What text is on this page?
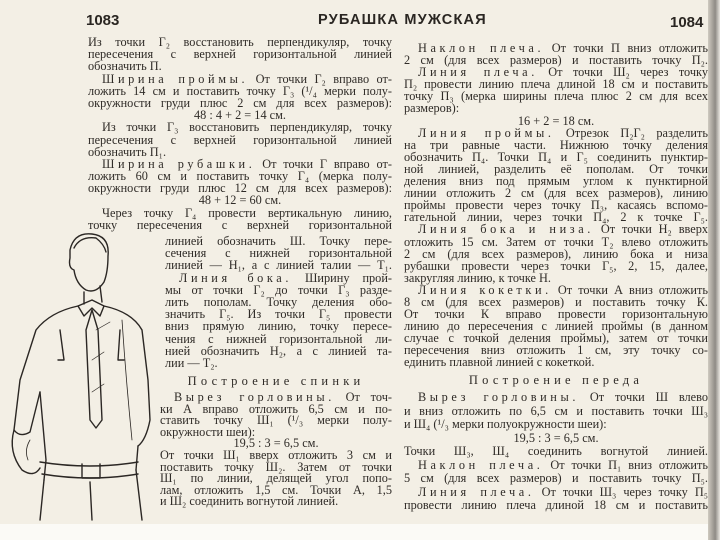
1083	РУБАШКА МУЖСКАЯ	1084
Из точки Г₂ восстановить перпендикуляр, точку
пересечения с верхней горизонтальной линией
обозначить П.
Ширина проймы. От точки Г₂ вправо от-
ложить 14 см и поставить точку Г₃ (¹/₄ мерки полу-
окружности груди плюс 2 см для всех размеров):
48 : 4 + 2 = 14 см.
Из точки Г₃ восстановить перпендикуляр, точку
пересечения с верхней горизонтальной линией
обозначить П₁.
Ширина рубашки. От точки Г вправо от-
ложить 60 см и поставить точку Г₄ (мерка полу-
окружности груди плюс 12 см для всех размеров):
48 + 12 = 60 см.
Через точку Г₄ провести вертикальную линию,
точку пересечения с верхней горизонтальной
линией обозначить Ш. Точку пере-
сечения с нижней горизонтальной
линией — Н₁, а с линией талии — Т₁.
Линия бока. Ширину прой-
мы от точки Г₂ до точки Г₃ разде-
лить пополам. Точку деления обо-
значить Г₅. Из точки Г₅ провести
вниз прямую линию, точку пересе-
чения с нижней горизонтальной ли-
нией обозначить Н₂, а с линией та-
лии — Т₂.
Построение спинки
Вырез горловины. От точ-
ки А вправо отложить 6,5 см и по-
ставить точку Ш₁ (¹/₃ мерки полу-
окружности шеи):
19,5 : 3 = 6,5 см.
От точки Ш₁ вверх отложить 3 см и
поставить точку Ш₂. Затем от точки
Ш₁ по линии, делящей угол попо-
лам, отложить 1,5 см. Точки А, 1,5
и Ш₂ соединить вогнутой линией.
Наклон плеча. От точки П вниз отложить
2 см (для всех размеров) и поставить точку П₂.
Линия плеча. От точки Ш₂ через точку
П₂ провести линию плеча длиной 18 см и поставить
точку П₃ (мерка ширины плеча плюс 2 см для всех
размеров):
16 + 2 = 18 см.
Линия проймы. Отрезок П₂Г₂ разделить
на три равные части. Нижнюю точку деления
обозначить П₄. Точки П₄ и Г₅ соединить пунктир-
ной линией, разделить её пополам. От точки
деления вниз под прямым углом к пунктирной
линии отложить 2 см (для всех размеров), линию
проймы провести через точку П₃, касаясь вспомо-
гательной линии, через точки П₄, 2 к точке Г₅.
Линия бока и низа. От точки Н₂ вверх
отложить 15 см. Затем от точки Т₂ влево отложить
2 см (для всех размеров), линию бока и низа
рубашки провести через точки Г₅, 2, 15, далее,
закругляя линию, к точке Н.
Линия кокетки. От точки А вниз отложить
8 см (для всех размеров) и поставить точку К.
От точки К вправо провести горизонтальную
линию до пересечения с линией проймы (в данном
случае с точкой деления проймы), затем от точки
пересечения вниз отложить 1 см, эту точку со-
единить плавной линией с кокеткой.
Построение переда
Вырез горловины. От точки Ш влево
и вниз отложить по 6,5 см и поставить точки Ш₃
и Ш₄ (¹/₃ мерки полуокружности шеи):
19,5 : 3 = 6,5 см.
Точки Ш₃, Ш₄ соединить вогнутой линией.
Наклон плеча. От точки П₁ вниз отложить
5 см (для всех размеров) и поставить точку П₅.
Линия плеча. От точки Ш₃ через точку П₅
провести линию плеча длиной 18 см и поставить
